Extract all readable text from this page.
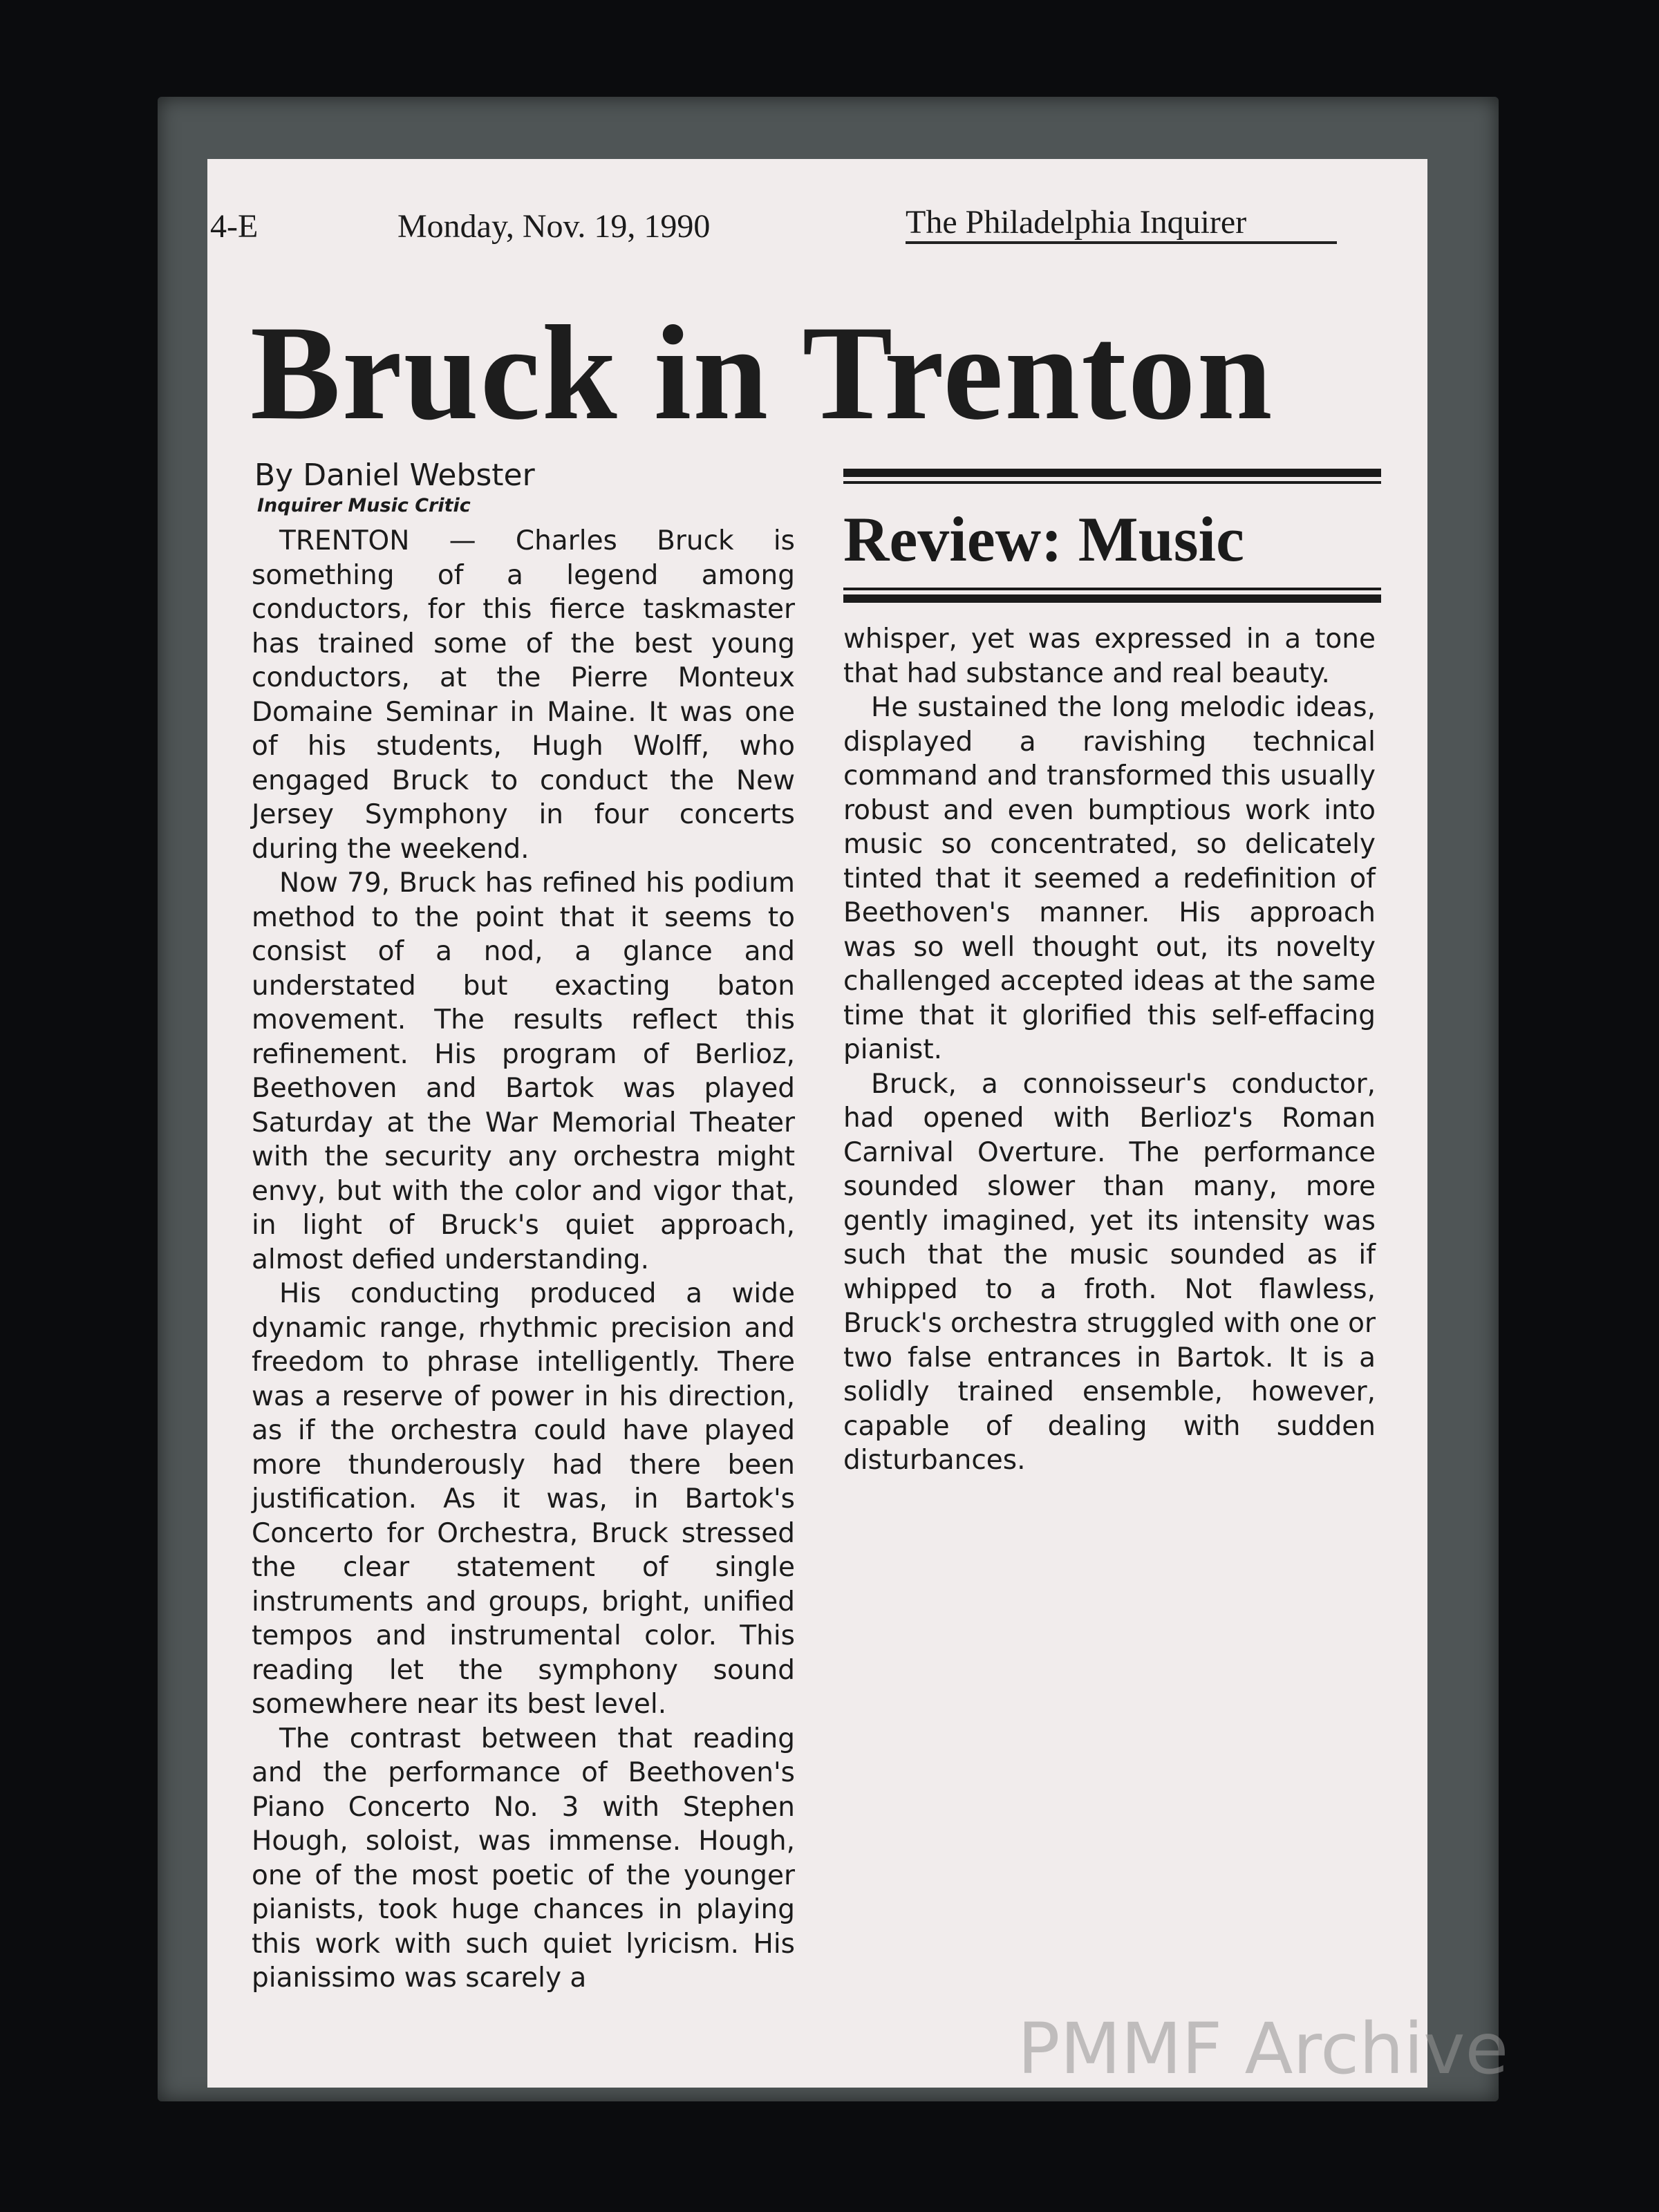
4-E	Monday, Nov. 19, 1990	The Philadelphia Inquirer
Bruck in Trenton
By Daniel Webster
Inquirer Music Critic

TRENTON — Charles Bruck is something of a legend among conductors, for this fierce taskmaster has trained some of the best young conductors, at the Pierre Monteux Domaine Seminar in Maine. It was one of his students, Hugh Wolff, who engaged Bruck to conduct the New Jersey Symphony in four concerts during the weekend.

Now 79, Bruck has refined his podium method to the point that it seems to consist of a nod, a glance and understated but exacting baton movement. The results reflect this refinement. His program of Berlioz, Beethoven and Bartok was played Saturday at the War Memorial Theater with the security any orchestra might envy, but with the color and vigor that, in light of Bruck's quiet approach, almost defied understanding.

His conducting produced a wide dynamic range, rhythmic precision and freedom to phrase intelligently. There was a reserve of power in his direction, as if the orchestra could have played more thunderously had there been justification. As it was, in Bartok's Concerto for Orchestra, Bruck stressed the clear statement of single instruments and groups, bright, unified tempos and instrumental color. This reading let the symphony sound somewhere near its best level.

The contrast between that reading and the performance of Beethoven's Piano Concerto No. 3 with Stephen Hough, soloist, was immense. Hough, one of the most poetic of the younger pianists, took huge chances in playing this work with such quiet lyricism. His pianissimo was scarely a

Review: Music

whisper, yet was expressed in a tone that had substance and real beauty.

He sustained the long melodic ideas, displayed a ravishing technical command and transformed this usually robust and even bumptious work into music so concentrated, so delicately tinted that it seemed a redefinition of Beethoven's manner. His approach was so well thought out, its novelty challenged accepted ideas at the same time that it glorified this self-effacing pianist.

Bruck, a connoisseur's conductor, had opened with Berlioz's Roman Carnival Overture. The performance sounded slower than many, more gently imagined, yet its intensity was such that the music sounded as if whipped to a froth. Not flawless, Bruck's orchestra struggled with one or two false entrances in Bartok. It is a solidly trained ensemble, however, capable of dealing with sudden disturbances.

PMMF Archive
